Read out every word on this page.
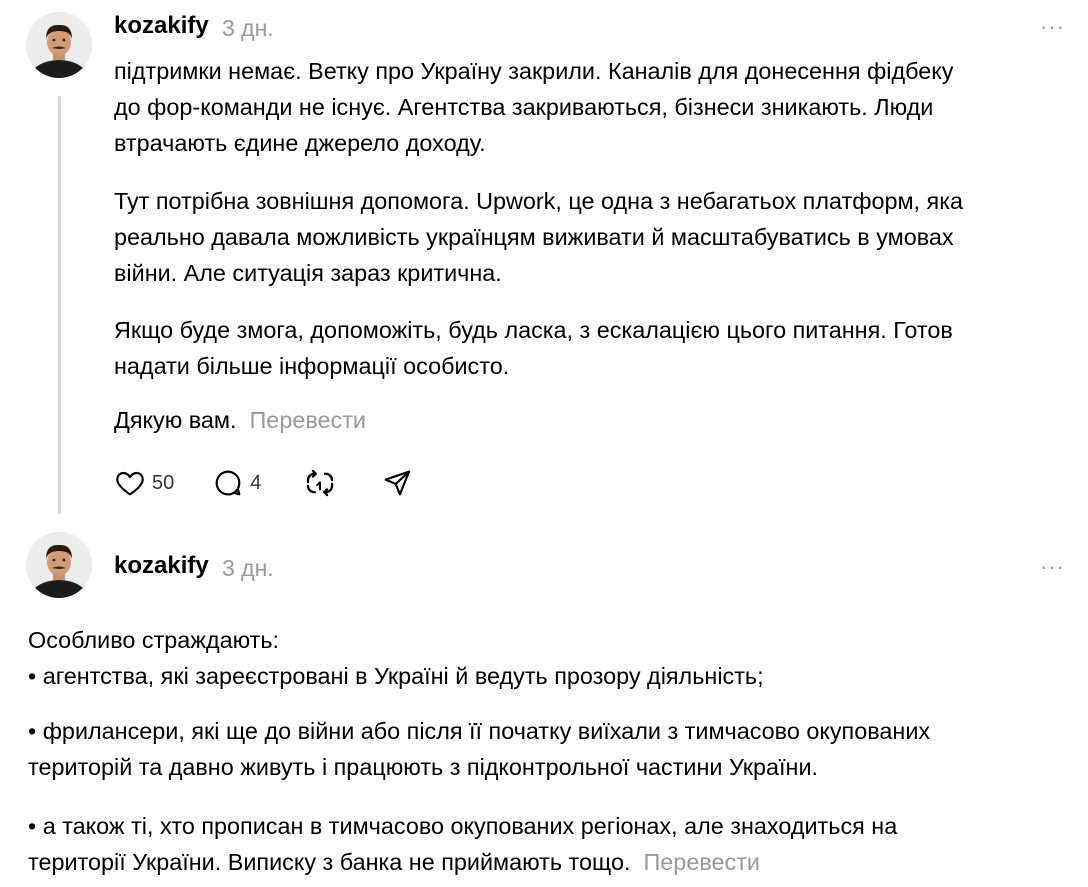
kozakify 3 дн.	···
підтримки немає. Ветку про Україну закрили. Каналів для донесення фідбеку
до фор-команди не існує. Агентства закриваються, бізнеси зникають. Люди
втрачають єдине джерело доходу.
Тут потрібна зовнішня допомога. Upwork, це одна з небагатьох платформ, яка
реально давала можливість українцям виживати й масштабуватись в умовах
війни. Але ситуація зараз критична.
Якщо буде змога, допоможіть, будь ласка, з ескалацією цього питання. Готов
надати більше інформації особисто.
Дякую вам. Перевести
50	4
kozakify 3 дн.	···
Особливо страждають:
• агентства, які зареєстровані в Україні й ведуть прозору діяльність;
• фрилансери, які ще до війни або після її початку виїхали з тимчасово окупованих
територій та давно живуть і працюють з підконтрольної частини України.
• а також ті, хто прописан в тимчасово окупованих регіонах, але знаходиться на
території України. Виписку з банка не приймають тощо. Перевести
